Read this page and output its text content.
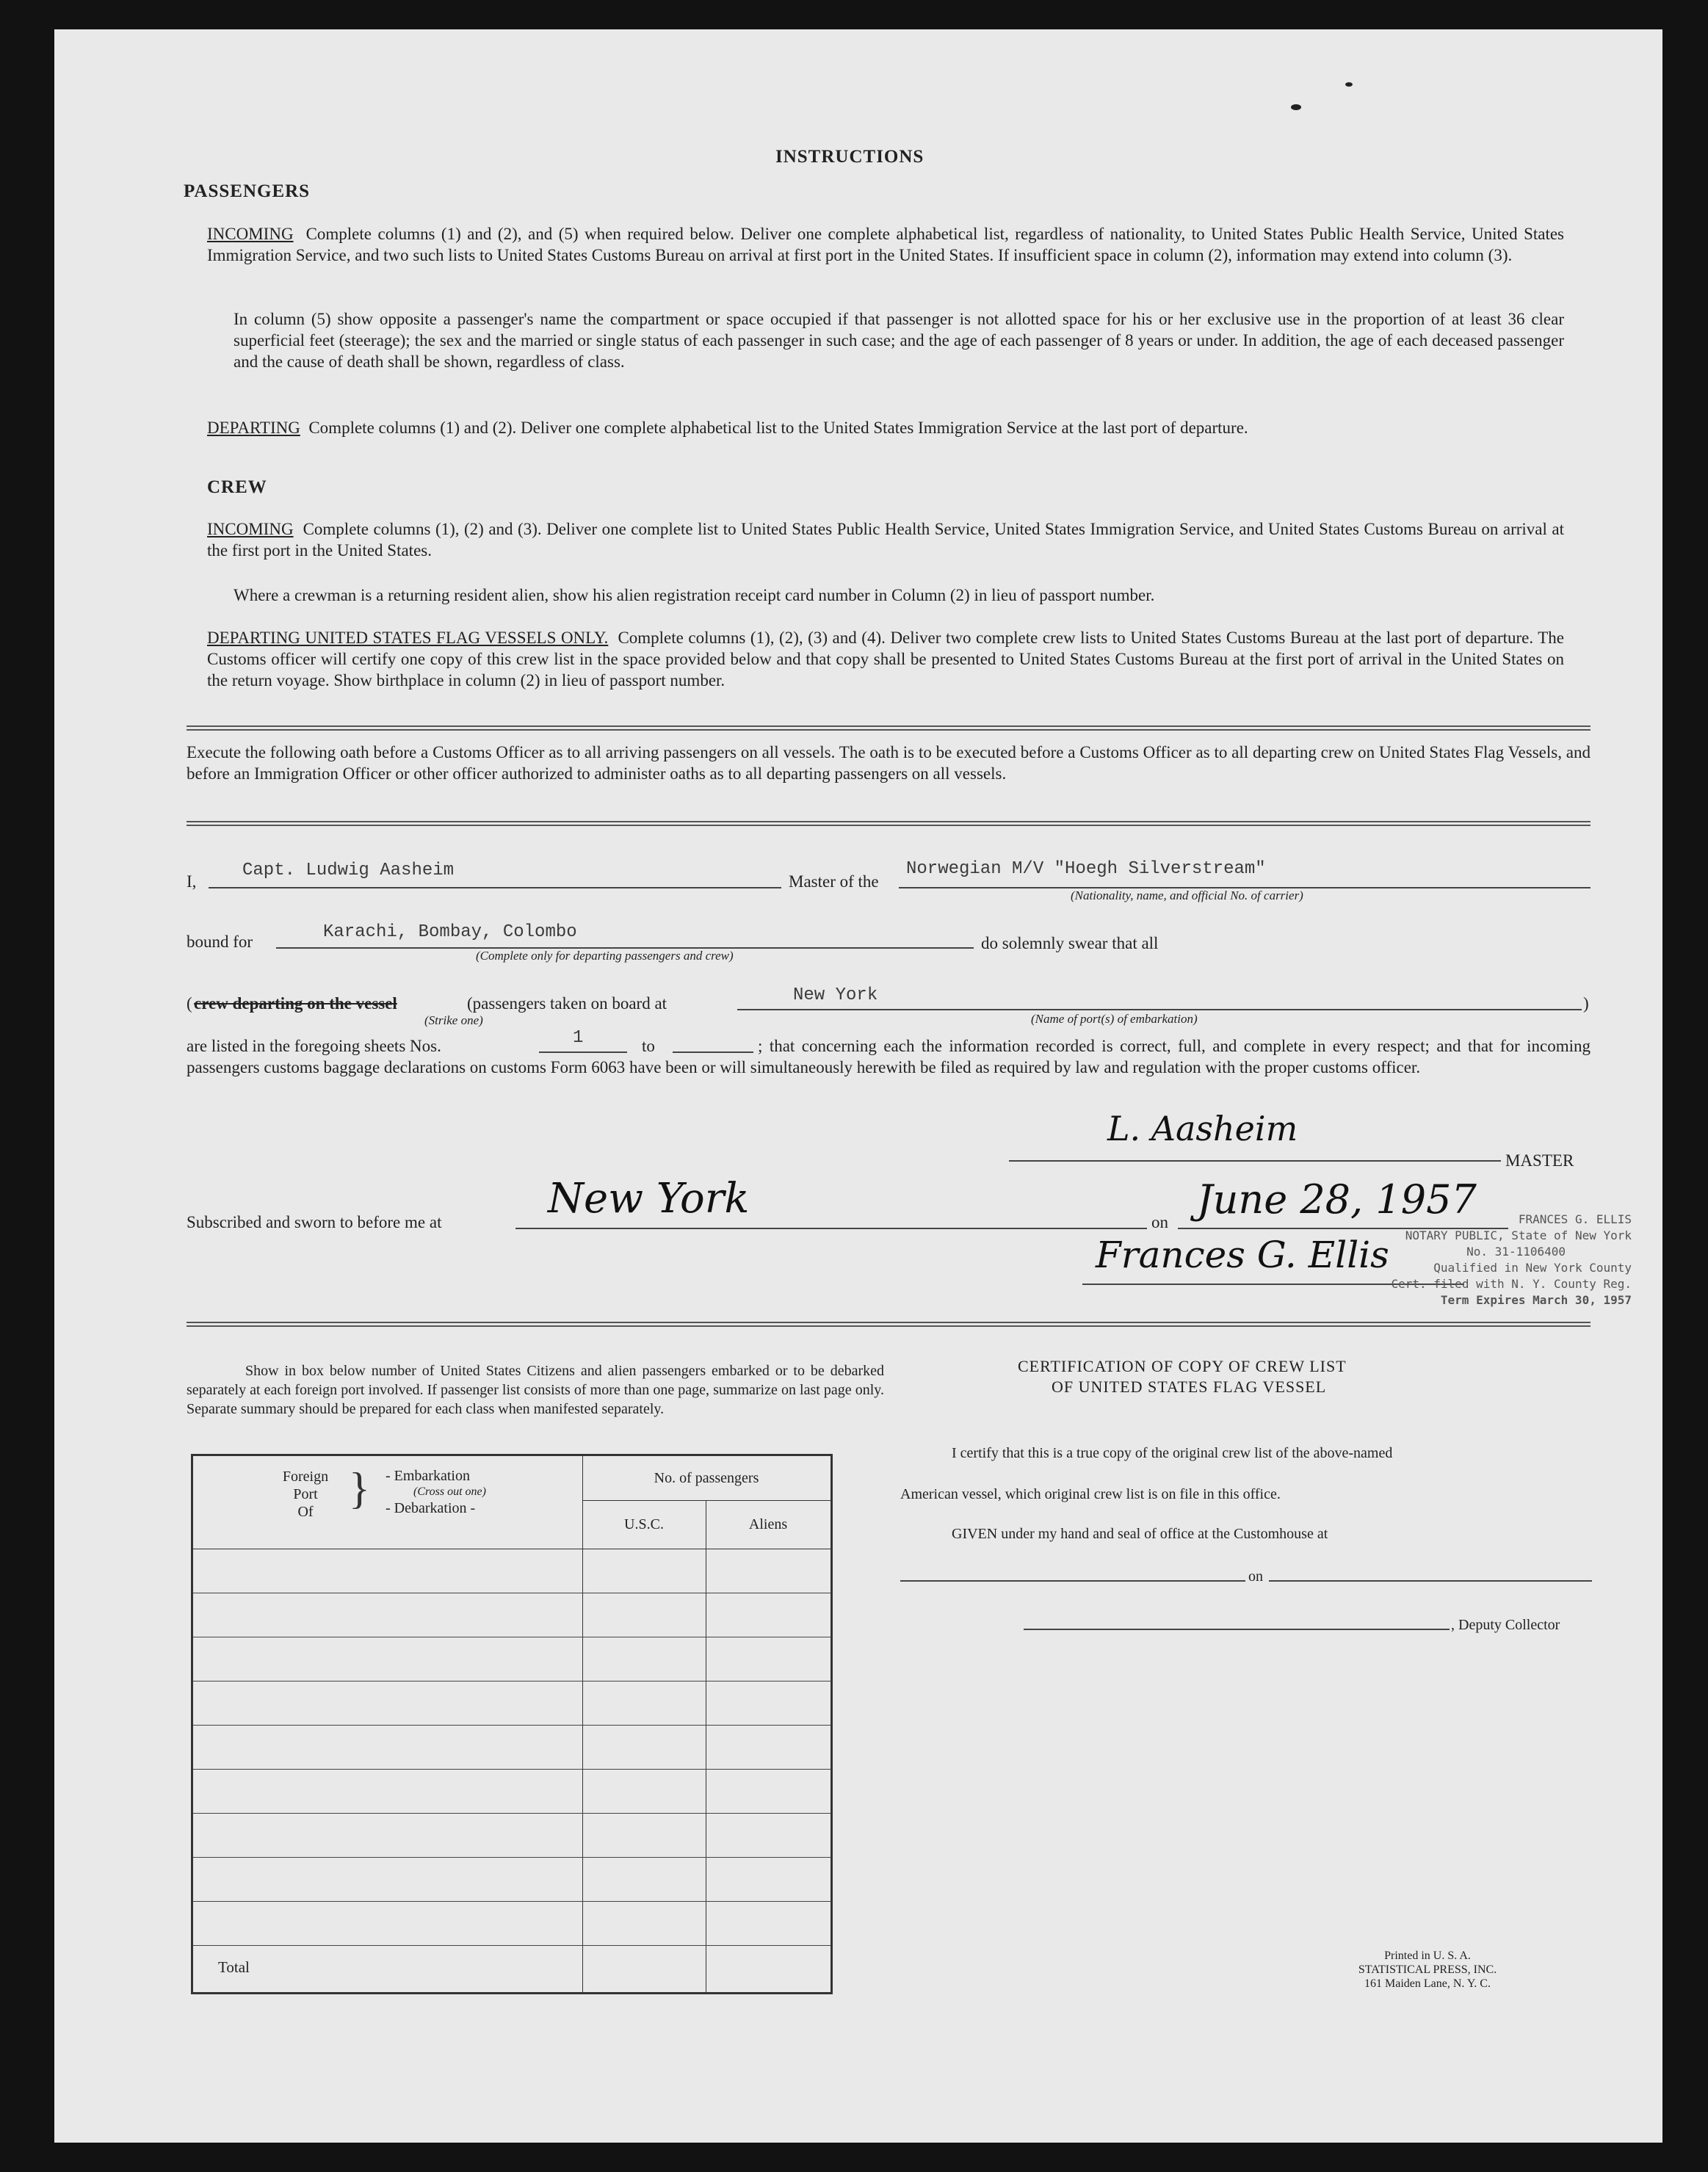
INSTRUCTIONS
PASSENGERS
INCOMING Complete columns (1) and (2), and (5) when required below. Deliver one complete alphabetical list, regardless of nationality, to United States Public Health Service, United States Immigration Service, and two such lists to United States Customs Bureau on arrival at first port in the United States. If insufficient space in column (2), information may extend into column (3).
In column (5) show opposite a passenger's name the compartment or space occupied if that passenger is not allotted space for his or her exclusive use in the proportion of at least 36 clear superficial feet (steerage); the sex and the married or single status of each passenger in such case; and the age of each passenger of 8 years or under. In addition, the age of each deceased passenger and the cause of death shall be shown, regardless of class.
DEPARTING Complete columns (1) and (2). Deliver one complete alphabetical list to the United States Immigration Service at the last port of departure.
CREW
INCOMING Complete columns (1), (2) and (3). Deliver one complete list to United States Public Health Service, United States Immigration Service, and United States Customs Bureau on arrival at the first port in the United States.
Where a crewman is a returning resident alien, show his alien registration receipt card number in Column (2) in lieu of passport number.
DEPARTING UNITED STATES FLAG VESSELS ONLY. Complete columns (1), (2), (3) and (4). Deliver two complete crew lists to United States Customs Bureau at the last port of departure. The Customs officer will certify one copy of this crew list in the space provided below and that copy shall be presented to United States Customs Bureau at the first port of arrival in the United States on the return voyage. Show birthplace in column (2) in lieu of passport number.
Execute the following oath before a Customs Officer as to all arriving passengers on all vessels. The oath is to be executed before a Customs Officer as to all departing crew on United States Flag Vessels, and before an Immigration Officer or other officer authorized to administer oaths as to all departing passengers on all vessels.
I,
Capt. Ludwig Aasheim
Master of the
Norwegian M/V "Hoegh Silverstream"
(Nationality, name, and official No. of carrier)
bound for	Karachi, Bombay, Colombo
(Complete only for departing passengers and crew)
do solemnly swear that all
( crew departing on the vessel
(Strike one)
(passengers taken on board at	New York	)
(Name of port(s) of embarkation)
are listed in the foregoing sheets Nos.	1	to	; that concerning each the information recorded is correct, full, and complete in every respect; and that for incoming passengers customs baggage declarations on customs Form 6063 have been or will simultaneously herewith be filed as required by law and regulation with the proper customs officer.
L. Aasheim
MASTER
Subscribed and sworn to before me at	New York	on June 28, 1957
Frances G. Ellis
FRANCES G. ELLIS
NOTARY PUBLIC, State of New York
No. 31-1106400
Qualified in New York County
Cert. filed with N. Y. County Reg.
Term Expires March 30, 1957
Show in box below number of United States Citizens and alien passengers embarked or to be debarked separately at each foreign port involved. If passenger list consists of more than one page, summarize on last page only. Separate summary should be prepared for each class when manifested separately.
Foreign
Port
Of } - Embarkation
(Cross out one)
- Debarkation -
No. of passengers
U.S.C.	Aliens
Total
CERTIFICATION OF COPY OF CREW LIST
OF UNITED STATES FLAG VESSEL
I certify that this is a true copy of the original crew list of the above-named
American vessel, which original crew list is on file in this office.
GIVEN under my hand and seal of office at the Customhouse at
on
, Deputy Collector
Printed in U. S. A.
STATISTICAL PRESS, INC.
161 Maiden Lane, N. Y. C.
